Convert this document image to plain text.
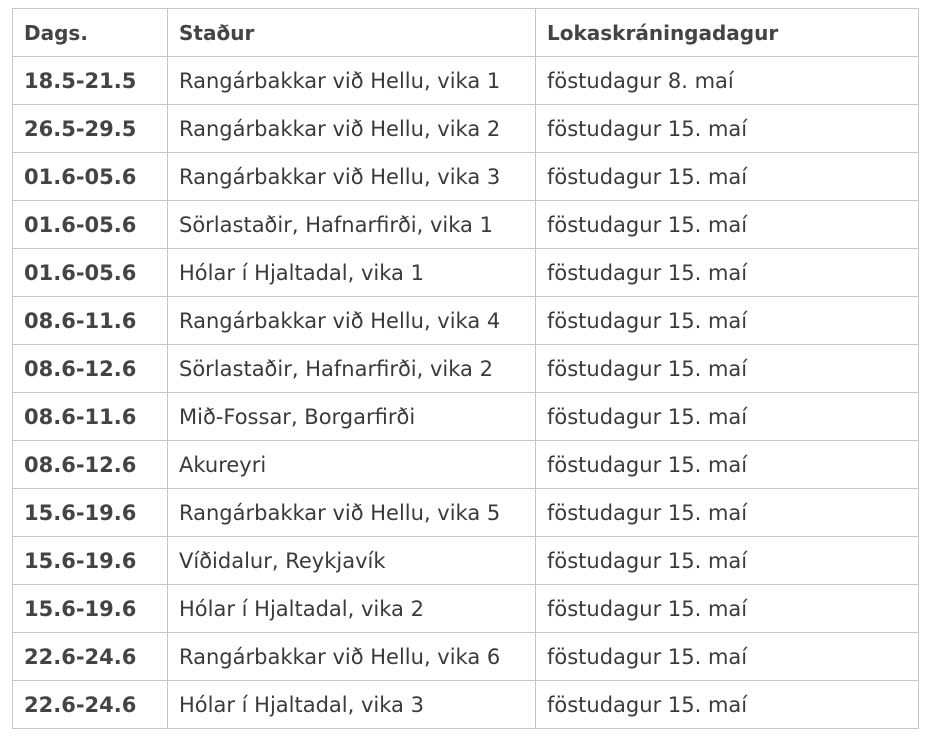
Dags.	Staður	Lokaskráningadagur
18.5-21.5	Rangárbakkar við Hellu, vika 1	föstudagur 8. maí
26.5-29.5	Rangárbakkar við Hellu, vika 2	föstudagur 15. maí
01.6-05.6	Rangárbakkar við Hellu, vika 3	föstudagur 15. maí
01.6-05.6	Sörlastaðir, Hafnarfirði, vika 1	föstudagur 15. maí
01.6-05.6	Hólar í Hjaltadal, vika 1	föstudagur 15. maí
08.6-11.6	Rangárbakkar við Hellu, vika 4	föstudagur 15. maí
08.6-12.6	Sörlastaðir, Hafnarfirði, vika 2	föstudagur 15. maí
08.6-11.6	Mið-Fossar, Borgarfirði	föstudagur 15. maí
08.6-12.6	Akureyri	föstudagur 15. maí
15.6-19.6	Rangárbakkar við Hellu, vika 5	föstudagur 15. maí
15.6-19.6	Víðidalur, Reykjavík	föstudagur 15. maí
15.6-19.6	Hólar í Hjaltadal, vika 2	föstudagur 15. maí
22.6-24.6	Rangárbakkar við Hellu, vika 6	föstudagur 15. maí
22.6-24.6	Hólar í Hjaltadal, vika 3	föstudagur 15. maí
